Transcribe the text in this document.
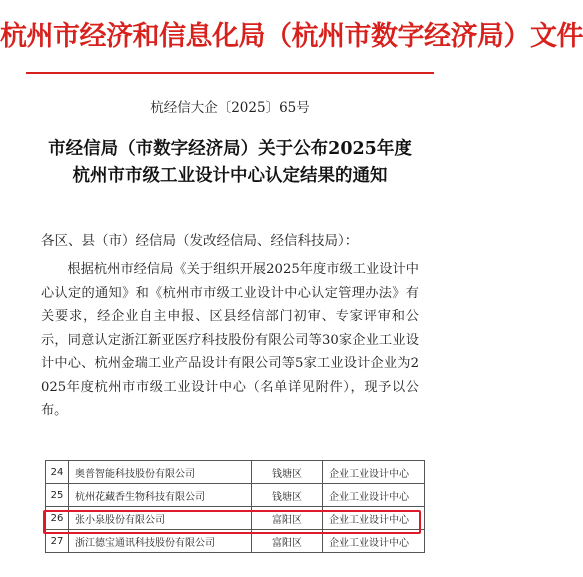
杭州市经济和信息化局（杭州市数字经济局）文件
杭经信大企〔2025〕65号
市经信局（市数字经济局）关于公布2025年度
杭州市市级工业设计中心认定结果的通知
各区、县（市）经信局（发改经信局、经信科技局）：
根据杭州市经信局《关于组织开展2025年度市级工业设计中心认定的通知》和《杭州市市级工业设计中心认定管理办法》有关要求，经企业自主申报、区县经信部门初审、专家评审和公示，同意认定浙江新亚医疗科技股份有限公司等30家企业工业设计中心、杭州金瑞工业产品设计有限公司等5家工业设计企业为2025年度杭州市市级工业设计中心（名单详见附件），现予以公布。
24	奥普智能科技股份有限公司	钱塘区	企业工业设计中心
25	杭州花藏香生物科技有限公司	钱塘区	企业工业设计中心
26	张小泉股份有限公司	富阳区	企业工业设计中心
27	浙江德宝通讯科技股份有限公司	富阳区	企业工业设计中心
